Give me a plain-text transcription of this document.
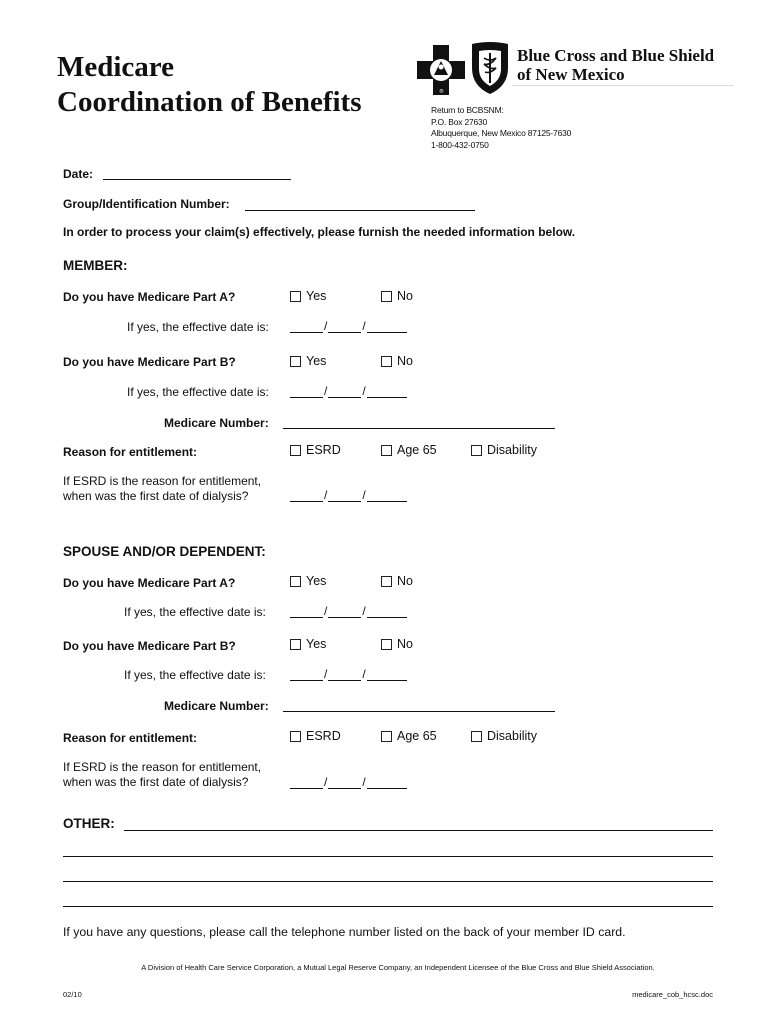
Medicare
Coordination of Benefits	®
Blue Cross and Blue Shield
of New Mexico
Return to BCBSNM:
P.O. Box 27630
Albuquerque, New Mexico 87125-7630
1-800-432-0750
Date:
Group/Identification Number:
In order to process your claim(s) effectively, please furnish the needed information below.
MEMBER:
Do you have Medicare Part A?	Yes	No
If yes, the effective date is:	/	/
Do you have Medicare Part B?	Yes	No
If yes, the effective date is:	/	/
Medicare Number:
Reason for entitlement:	ESRD	Age 65	Disability
If ESRD is the reason for entitlement,
when was the first date of dialysis?	/	/
SPOUSE AND/OR DEPENDENT:
Do you have Medicare Part A?	Yes	No
If yes, the effective date is:	/	/
Do you have Medicare Part B?	Yes	No
If yes, the effective date is:	/	/
Medicare Number:
Reason for entitlement:	ESRD	Age 65	Disability
If ESRD is the reason for entitlement,
when was the first date of dialysis?	/	/
OTHER:
If you have any questions, please call the telephone number listed on the back of your member ID card.
A Division of Health Care Service Corporation, a Mutual Legal Reserve Company, an Independent Licensee of the Blue Cross and Blue Shield Association.
02/10	medicare_cob_hcsc.doc
